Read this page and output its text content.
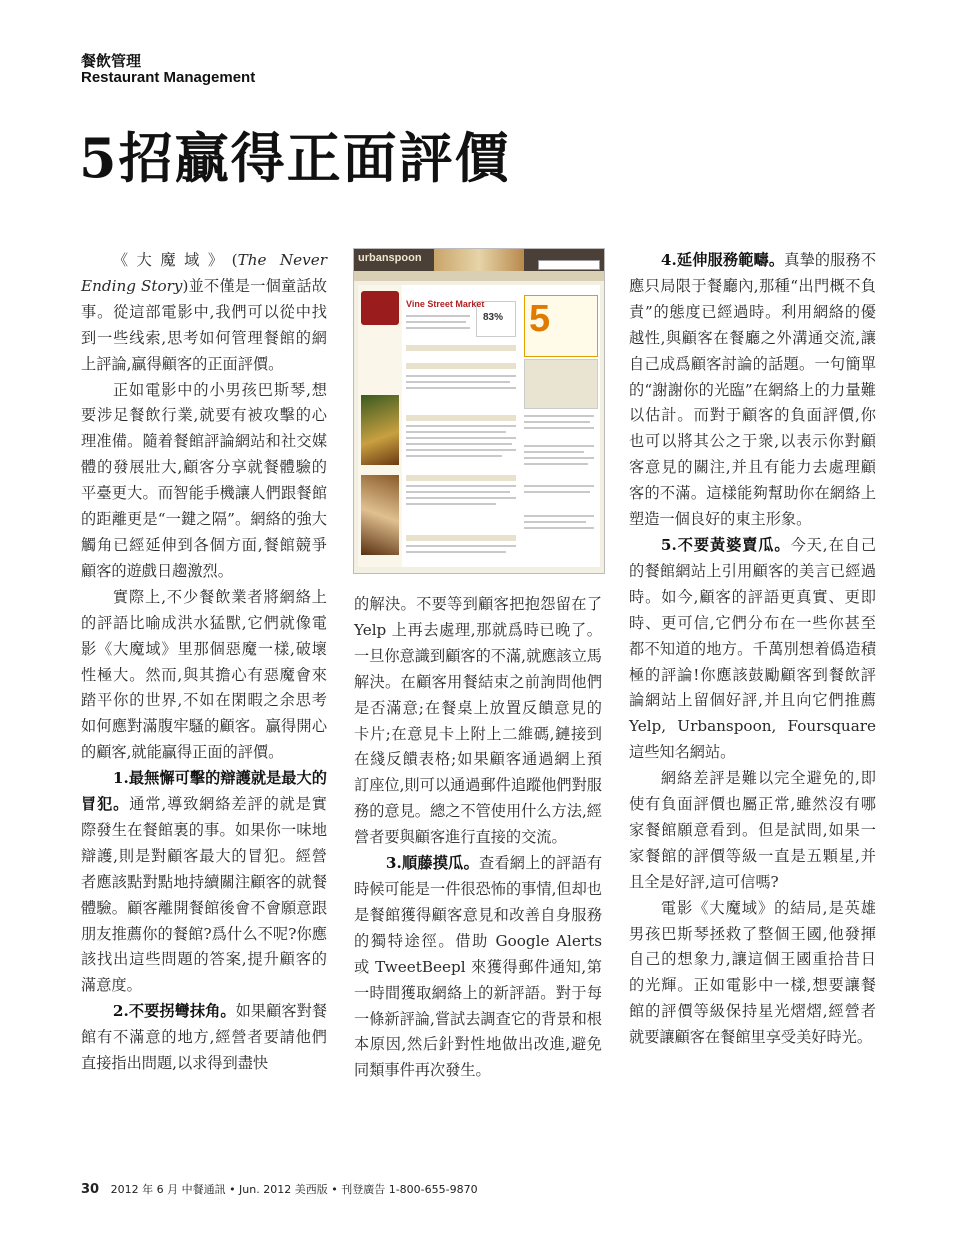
餐飲管理
Restaurant Management
5招贏得正面評價

《大魔域》(The Never Ending Story)並不僅是一個童話故事。從這部電影中,我們可以從中找到一些线索,思考如何管理餐館的網上評論,贏得顧客的正面評價。

正如電影中的小男孩巴斯琴,想要涉足餐飲行業,就要有被攻擊的心理准備。隨着餐館評論網站和社交媒體的發展壯大,顧客分享就餐體驗的平臺更大。而智能手機讓人們跟餐館的距離更是“一鍵之隔”。網絡的強大觸角已經延伸到各個方面,餐館競爭顧客的遊戲日趨激烈。

實際上,不少餐飲業者將網絡上的評語比喻成洪水猛獸,它們就像電影《大魔域》里那個惡魔一樣,破壞性極大。然而,與其擔心有惡魔會來踏平你的世界,不如在閑暇之余思考如何應對滿腹牢騷的顧客。贏得開心的顧客,就能贏得正面的評價。

1.最無懈可擊的辯護就是最大的冒犯。通常,導致網絡差評的就是實際發生在餐館裏的事。如果你一味地辯護,則是對顧客最大的冒犯。經營者應該點對點地持續關注顧客的就餐體驗。顧客離開餐館後會不會願意跟朋友推薦你的餐館?爲什么不呢?你應該找出這些問題的答案,提升顧客的滿意度。

2.不要拐彎抹角。如果顧客對餐館有不滿意的地方,經營者要請他們直接指出問題,以求得到盡快

的解決。不要等到顧客把抱怨留在了 Yelp 上再去處理,那就爲時已晚了。一旦你意識到顧客的不滿,就應該立馬解決。在顧客用餐結束之前詢問他們是否滿意;在餐桌上放置反饋意見的卡片;在意見卡上附上二維碼,鏈接到在綫反饋表格;如果顧客通過網上預訂座位,則可以通過郵件追蹤他們對服務的意見。總之不管使用什么方法,經營者要與顧客進行直接的交流。

3.順藤摸瓜。查看網上的評語有時候可能是一件很恐怖的事情,但却也是餐館獲得顧客意見和改善自身服務的獨特途徑。借助 Google Alerts 或 TweetBeepl 來獲得郵件通知,第一時間獲取網絡上的新評語。對于每一條新評論,嘗試去調查它的背景和根本原因,然后針對性地做出改進,避免同類事件再次發生。

4.延伸服務範疇。真摯的服務不應只局限于餐廳內,那種“出門概不負責”的態度已經過時。利用網絡的優越性,與顧客在餐廳之外溝通交流,讓自己成爲顧客討論的話題。一句簡單的“謝謝你的光臨”在網絡上的力量難以估計。而對于顧客的負面評價,你也可以將其公之于衆,以表示你對顧客意見的關注,并且有能力去處理顧客的不滿。這樣能夠幫助你在網絡上塑造一個良好的東主形象。

5.不要黃婆賣瓜。今天,在自己的餐館網站上引用顧客的美言已經過時。如今,顧客的評語更真實、更即時、更可信,它們分布在一些你甚至都不知道的地方。千萬別想着僞造積極的評論!你應該鼓勵顧客到餐飲評論網站上留個好評,并且向它們推薦 Yelp, Urbanspoon, Foursquare 這些知名網站。

網絡差評是難以完全避免的,即使有負面評價也屬正常,雖然沒有哪家餐館願意看到。但是試問,如果一家餐館的評價等級一直是五顆星,并且全是好評,這可信嗎?

電影《大魔域》的結局,是英雄男孩巴斯琴拯救了整個王國,他發揮自己的想象力,讓這個王國重拾昔日的光輝。正如電影中一樣,想要讓餐館的評價等級保持星光熠熠,經營者就要讓顧客在餐館里享受美好時光。

urbanspoon
Vine Street Market
83% 5
30 2012 年 6 月 中餐通訊 • Jun. 2012 美西版 • 刊登廣告 1-800-655-9870
